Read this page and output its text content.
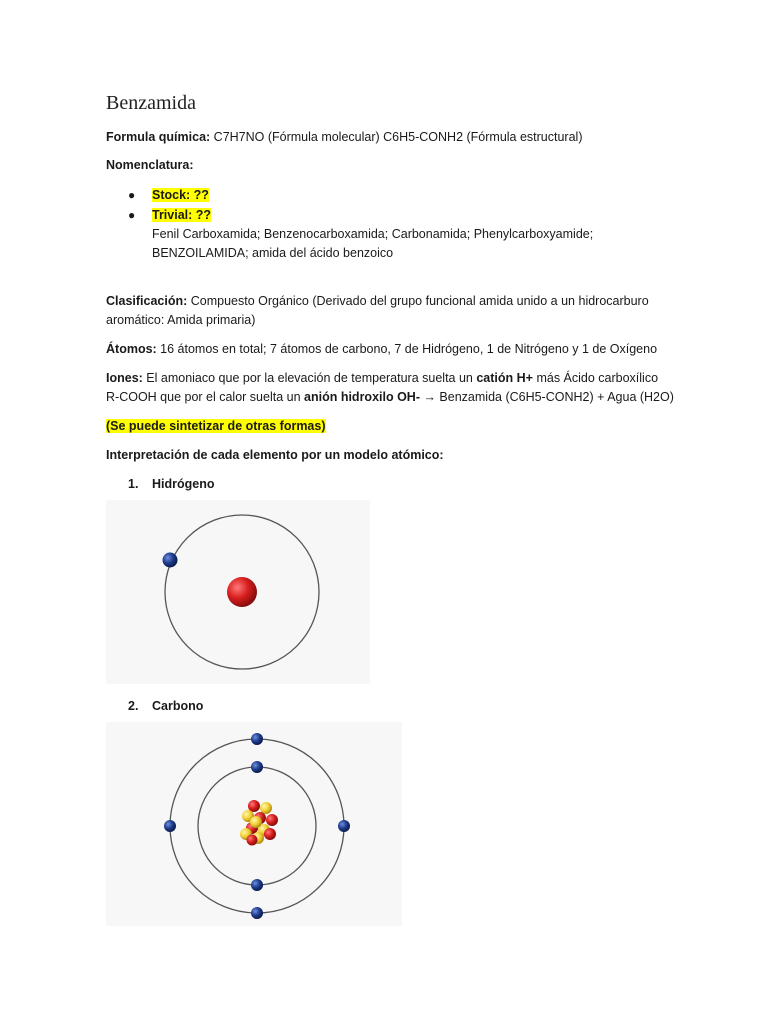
Benzamida
Formula química: C7H7NO (Fórmula molecular) C6H5-CONH2 (Fórmula estructural)
Nomenclatura:
● Stock: ??
● Trivial: ??
Fenil Carboxamida; Benzenocarboxamida; Carbonamida; Phenylcarboxyamide;
BENZOILAMIDA; amida del ácido benzoico
Clasificación: Compuesto Orgánico (Derivado del grupo funcional amida unido a un hidrocarburo
aromático: Amida primaria)
Átomos: 16 átomos en total; 7 átomos de carbono, 7 de Hidrógeno, 1 de Nitrógeno y 1 de Oxígeno
Iones: El amoniaco que por la elevación de temperatura suelta un catión H+ más Ácido carboxílico
R-COOH que por el calor suelta un anión hidroxilo OH- → Benzamida (C6H5-CONH2) + Agua (H2O)
(Se puede sintetizar de otras formas)
Interpretación de cada elemento por un modelo atómico:
1. Hidrógeno
2. Carbono
